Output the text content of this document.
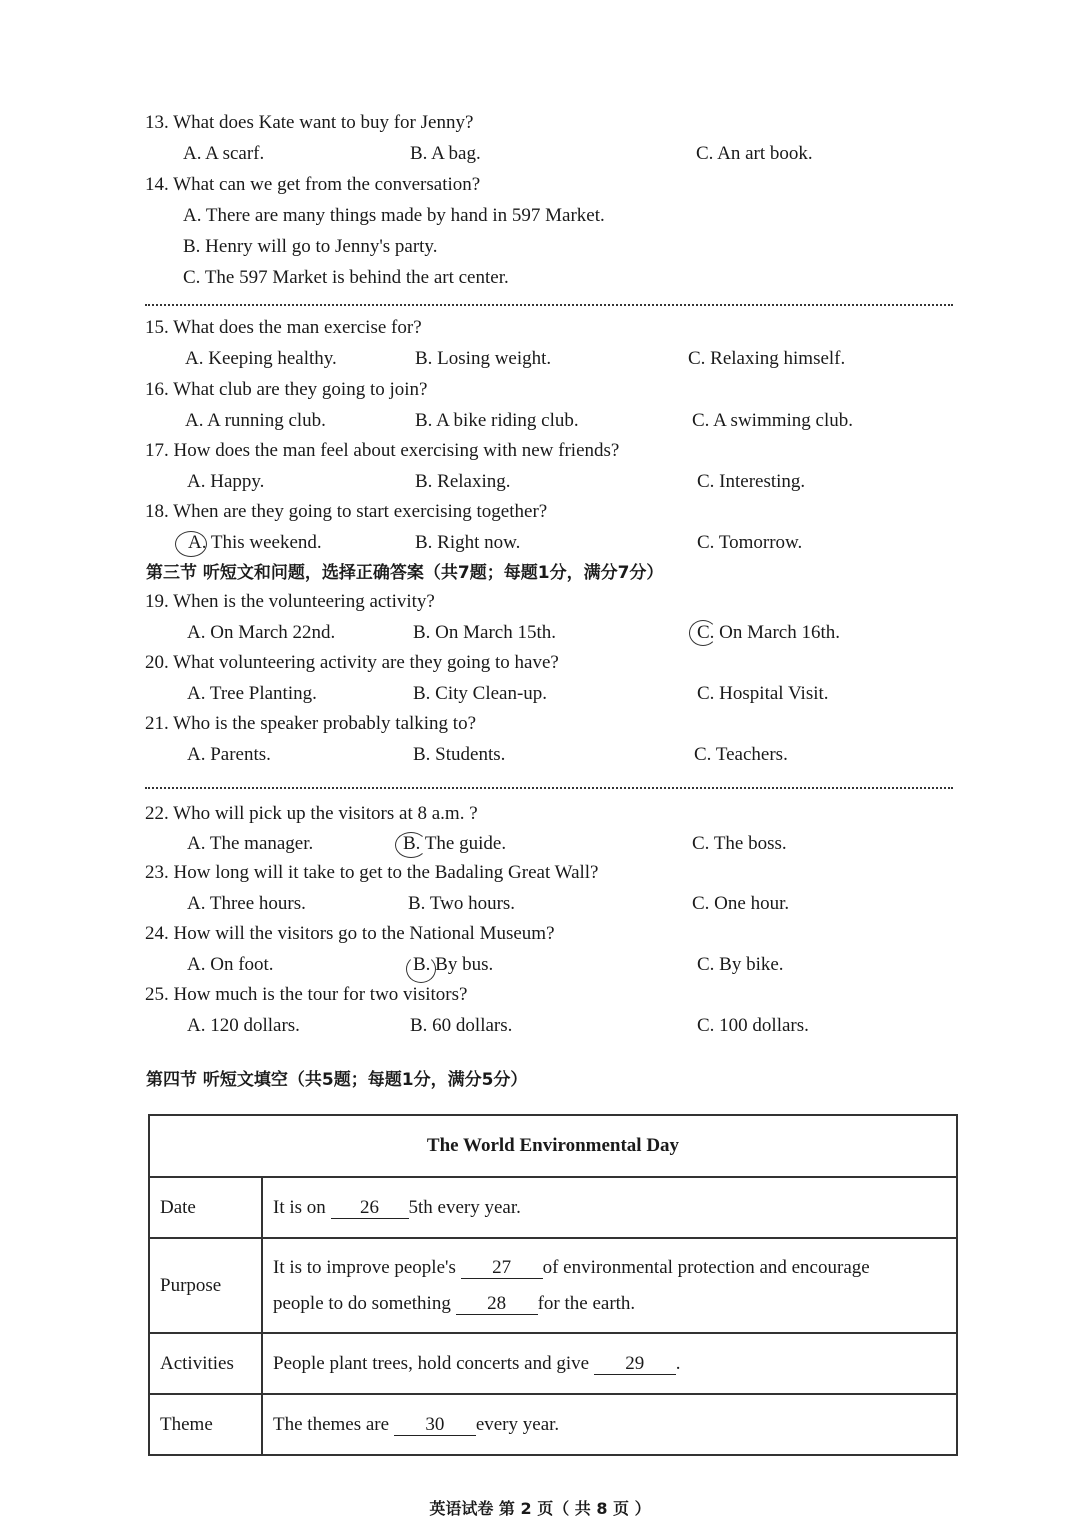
13. What does Kate want to buy for Jenny?
A. A scarf.	B. A bag.	C. An art book.
14. What can we get from the conversation?
A. There are many things made by hand in 597 Market.
B. Henry will go to Jenny's party.
C. The 597 Market is behind the art center.
15. What does the man exercise for?
A. Keeping healthy.	B. Losing weight.	C. Relaxing himself.
16. What club are they going to join?
A. A running club.	B. A bike riding club.	C. A swimming club.
17. How does the man feel about exercising with new friends?
A. Happy.	B. Relaxing.	C. Interesting.
18. When are they going to start exercising together?
A. This weekend.	B. Right now.	C. Tomorrow.
第三节 听短文和问题，选择正确答案（共7题；每题1分，满分7分）
19. When is the volunteering activity?
A. On March 22nd.	B. On March 15th.	C. On March 16th.
20. What volunteering activity are they going to have?
A. Tree Planting.	B. City Clean-up.	C. Hospital Visit.
21. Who is the speaker probably talking to?
A. Parents.	B. Students.	C. Teachers.
22. Who will pick up the visitors at 8 a.m. ?
A. The manager.	B. The guide.	C. The boss.
23. How long will it take to get to the Badaling Great Wall?
A. Three hours.	B. Two hours.	C. One hour.
24. How will the visitors go to the National Museum?
A. On foot.	B. By bus.	C. By bike.
25. How much is the tour for two visitors?
A. 120 dollars.	B. 60 dollars.	C. 100 dollars.
第四节 听短文填空（共5题；每题1分，满分5分）
The World Environmental Day	
Date	It is on 26 5th every year.
Purpose	It is to improve people's 27 of environmental protection and encourage
people to do something 28 for the earth.
Activities	People plant trees, hold concerts and give 29 .
Theme	The themes are 30 every year.
英语试卷 第 2 页（ 共 8 页 ）
